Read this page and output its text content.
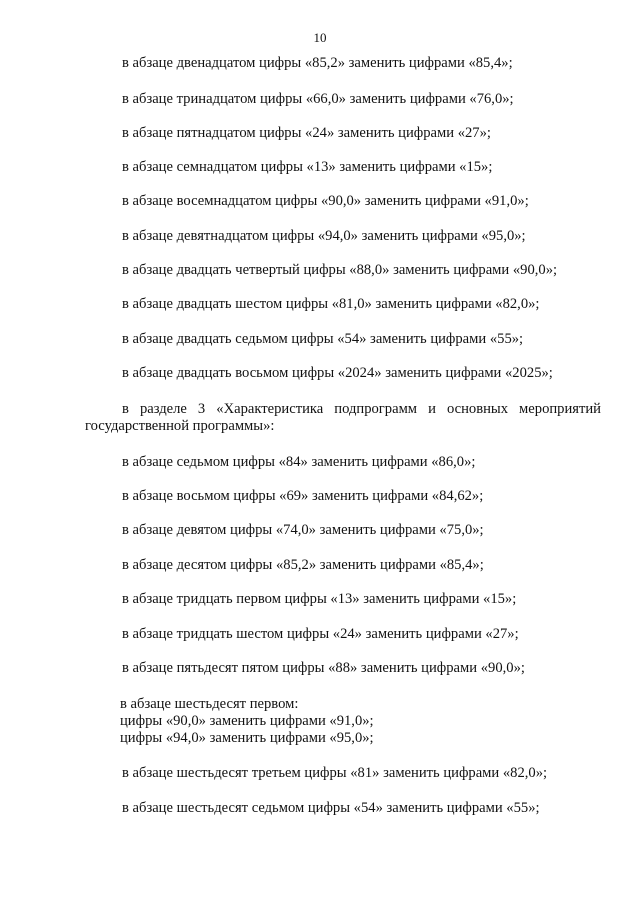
10
в абзаце двенадцатом цифры «85,2» заменить цифрами «85,4»;
в абзаце тринадцатом цифры «66,0» заменить цифрами «76,0»;
в абзаце пятнадцатом цифры «24» заменить цифрами «27»;
в абзаце семнадцатом цифры «13» заменить цифрами «15»;
в абзаце восемнадцатом цифры «90,0» заменить цифрами «91,0»;
в абзаце девятнадцатом цифры «94,0» заменить цифрами «95,0»;
в абзаце двадцать четвертый цифры «88,0» заменить цифрами «90,0»;
в абзаце двадцать шестом цифры «81,0» заменить цифрами «82,0»;
в абзаце двадцать седьмом цифры «54» заменить цифрами «55»;
в абзаце двадцать восьмом цифры «2024» заменить цифрами «2025»;
в разделе 3 «Характеристика подпрограмм и основных мероприятий
государственной программы»:
в абзаце седьмом цифры «84» заменить цифрами «86,0»;
в абзаце восьмом цифры «69» заменить цифрами «84,62»;
в абзаце девятом цифры «74,0» заменить цифрами «75,0»;
в абзаце десятом цифры «85,2» заменить цифрами «85,4»;
в абзаце тридцать первом цифры «13» заменить цифрами «15»;
в абзаце тридцать шестом цифры «24» заменить цифрами «27»;
в абзаце пятьдесят пятом цифры «88» заменить цифрами «90,0»;
в абзаце шестьдесят первом:
цифры «90,0» заменить цифрами «91,0»;
цифры «94,0» заменить цифрами «95,0»;
в абзаце шестьдесят третьем цифры «81» заменить цифрами «82,0»;
в абзаце шестьдесят седьмом цифры «54» заменить цифрами «55»;
